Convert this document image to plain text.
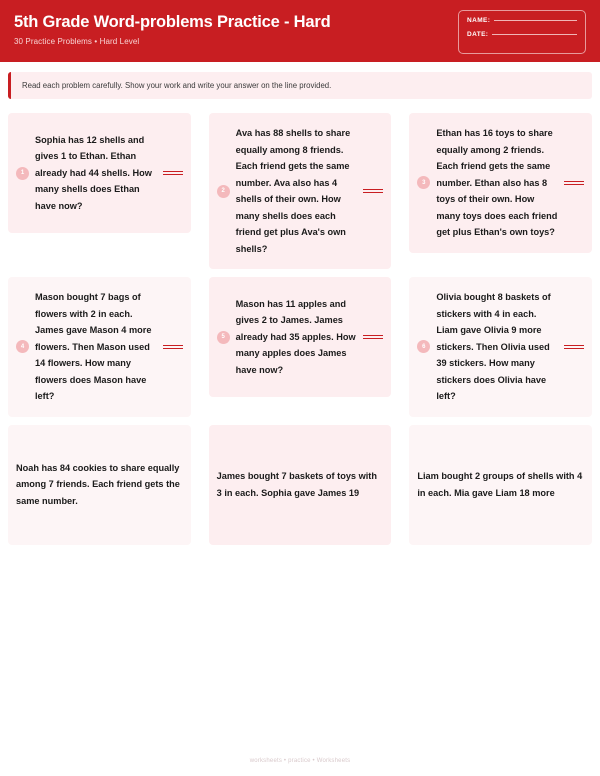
5th Grade Word-problems Practice - Hard
30 Practice Problems • Hard Level
NAME:
DATE:
Read each problem carefully. Show your work and write your answer on the line provided.
1
Sophia has 12 shells and gives 1 to Ethan. Ethan already had 44 shells. How many shells does Ethan have now?
2
Ava has 88 shells to share equally among 8 friends. Each friend gets the same number. Ava also has 4 shells of their own. How many shells does each friend get plus Ava's own shells?
3
Ethan has 16 toys to share equally among 2 friends. Each friend gets the same number. Ethan also has 8 toys of their own. How many toys does each friend get plus Ethan's own toys?
4
Mason bought 7 bags of flowers with 2 in each. James gave Mason 4 more flowers. Then Mason used 14 flowers. How many flowers does Mason have left?
5
Mason has 11 apples and gives 2 to James. James already had 35 apples. How many apples does James have now?
6
Olivia bought 8 baskets of stickers with 4 in each. Liam gave Olivia 9 more stickers. Then Olivia used 39 stickers. How many stickers does Olivia have left?
Noah has 84 cookies to share equally among 7 friends. Each friend gets the same number.
James bought 7 baskets of toys with 3 in each. Sophia gave James 19
Liam bought 2 groups of shells with 4 in each. Mia gave Liam 18 more
worksheets • practice • Worksheets
